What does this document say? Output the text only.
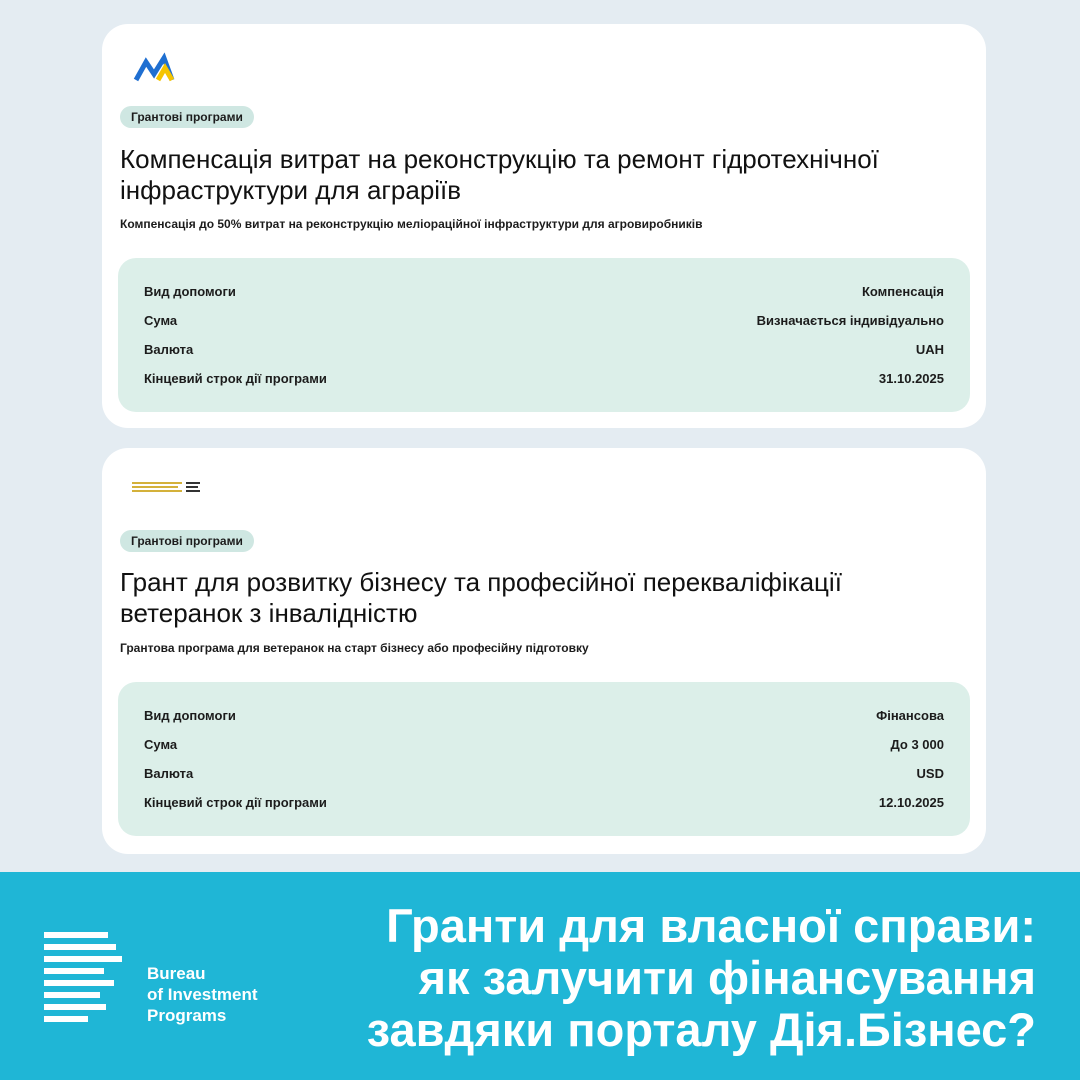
Грантові програми
Компенсація витрат на реконструкцію та ремонт гідротехнічної інфраструктури для аграріїв

Компенсація до 50% витрат на реконструкцію меліораційної інфраструктури для агровиробників

Вид допомоги	Компенсація
Сума	Визначається індивідуально
Валюта	UAH
Кінцевий строк дії програми	31.10.2025
Грантові програми
Грант для розвитку бізнесу та професійної перекваліфікації ветеранок з інвалідністю

Грантова програма для ветеранок на старт бізнесу або професійну підготовку

Вид допомоги	Фінансова
Сума	До 3 000
Валюта	USD
Кінцевий строк дії програми	12.10.2025
Bureau
of Investment
Programs
Гранти для власної справи:
як залучити фінансування
завдяки порталу Дія.Бізнес?
